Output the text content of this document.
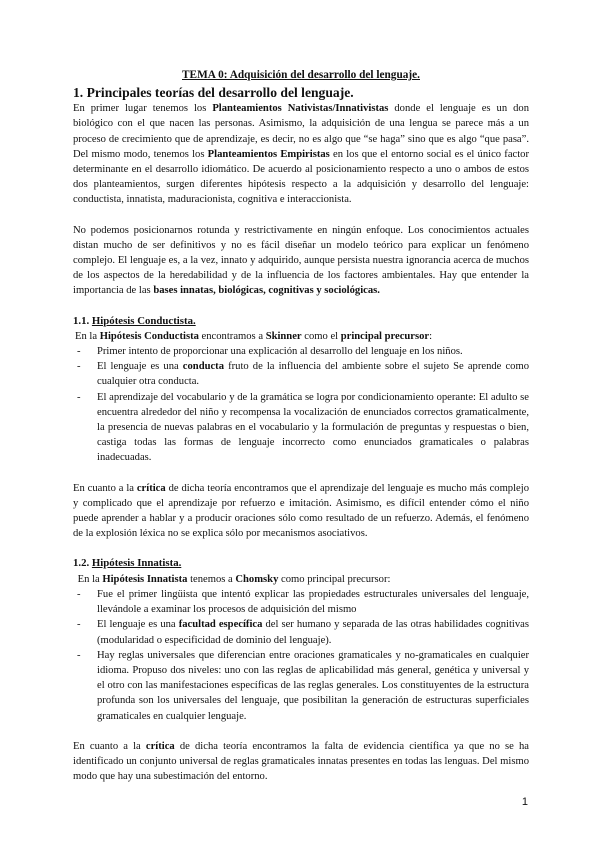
TEMA 0: Adquisición del desarrollo del lenguaje.
1. Principales teorías del desarrollo del lenguaje.

En primer lugar tenemos los Planteamientos Nativistas/Innativistas donde el lenguaje es un don biológico con el que nacen las personas. Asimismo, la adquisición de una lengua se parece más a un proceso de crecimiento que de aprendizaje, es decir, no es algo que “se haga” sino que es algo “que pasa”. Del mismo modo, tenemos los Planteamientos Empiristas en los que el entorno social es el único factor determinante en el desarrollo idiomático. De acuerdo al posicionamiento respecto a uno o ambos de estos dos planteamientos, surgen diferentes hipótesis respecto a la adquisición y desarrollo del lenguaje: conductista, innatista, maduracionista, cognitiva e interaccionista.

No podemos posicionarnos rotunda y restrictivamente en ningún enfoque. Los conocimientos actuales distan mucho de ser definitivos y no es fácil diseñar un modelo teórico para explicar un fenómeno complejo. El lenguaje es, a la vez, innato y adquirido, aunque persista nuestra ignorancia acerca de muchos de los aspectos de la heredabilidad y de la influencia de los factores ambientales. Hay que entender la importancia de las bases innatas, biológicas, cognitivas y sociológicas.

1.1. Hipótesis Conductista.

En la Hipótesis Conductista encontramos a Skinner como el principal precursor:

- Primer intento de proporcionar una explicación al desarrollo del lenguaje en los niños.
- El lenguaje es una conducta fruto de la influencia del ambiente sobre el sujeto Se aprende como cualquier otra conducta.
- El aprendizaje del vocabulario y de la gramática se logra por condicionamiento operante: El adulto se encuentra alrededor del niño y recompensa la vocalización de enunciados correctos gramaticalmente, la presencia de nuevas palabras en el vocabulario y la formulación de preguntas y respuestas o bien, castiga todas las formas de lenguaje incorrecto como enunciados gramaticales o palabras inadecuadas.

En cuanto a la crítica de dicha teoría encontramos que el aprendizaje del lenguaje es mucho más complejo y complicado que el aprendizaje por refuerzo e imitación. Asimismo, es difícil entender cómo el niño puede aprender a hablar y a producir oraciones sólo como resultado de un refuerzo. Además, el fenómeno de la explosión léxica no se explica sólo por mecanismos asociativos.

1.2. Hipótesis Innatista.

En la Hipótesis Innatista tenemos a Chomsky como principal precursor:

- Fue el primer lingüista que intentó explicar las propiedades estructurales universales del lenguaje, llevándole a examinar los procesos de adquisición del mismo
- El lenguaje es una facultad específica del ser humano y separada de las otras habilidades cognitivas (modularidad o especificidad de dominio del lenguaje).
- Hay reglas universales que diferencian entre oraciones gramaticales y no-gramaticales en cualquier idioma. Propuso dos niveles: uno con las reglas de aplicabilidad más general, genética y universal y el otro con las manifestaciones específicas de las reglas generales. Los constituyentes de la estructura profunda son los universales del lenguaje, que posibilitan la generación de estructuras superficiales gramaticales en cualquier lenguaje.

En cuanto a la crítica de dicha teoría encontramos la falta de evidencia científica ya que no se ha identificado un conjunto universal de reglas gramaticales innatas presentes en todas las lenguas. Del mismo modo que hay una subestimación del entorno.

1
